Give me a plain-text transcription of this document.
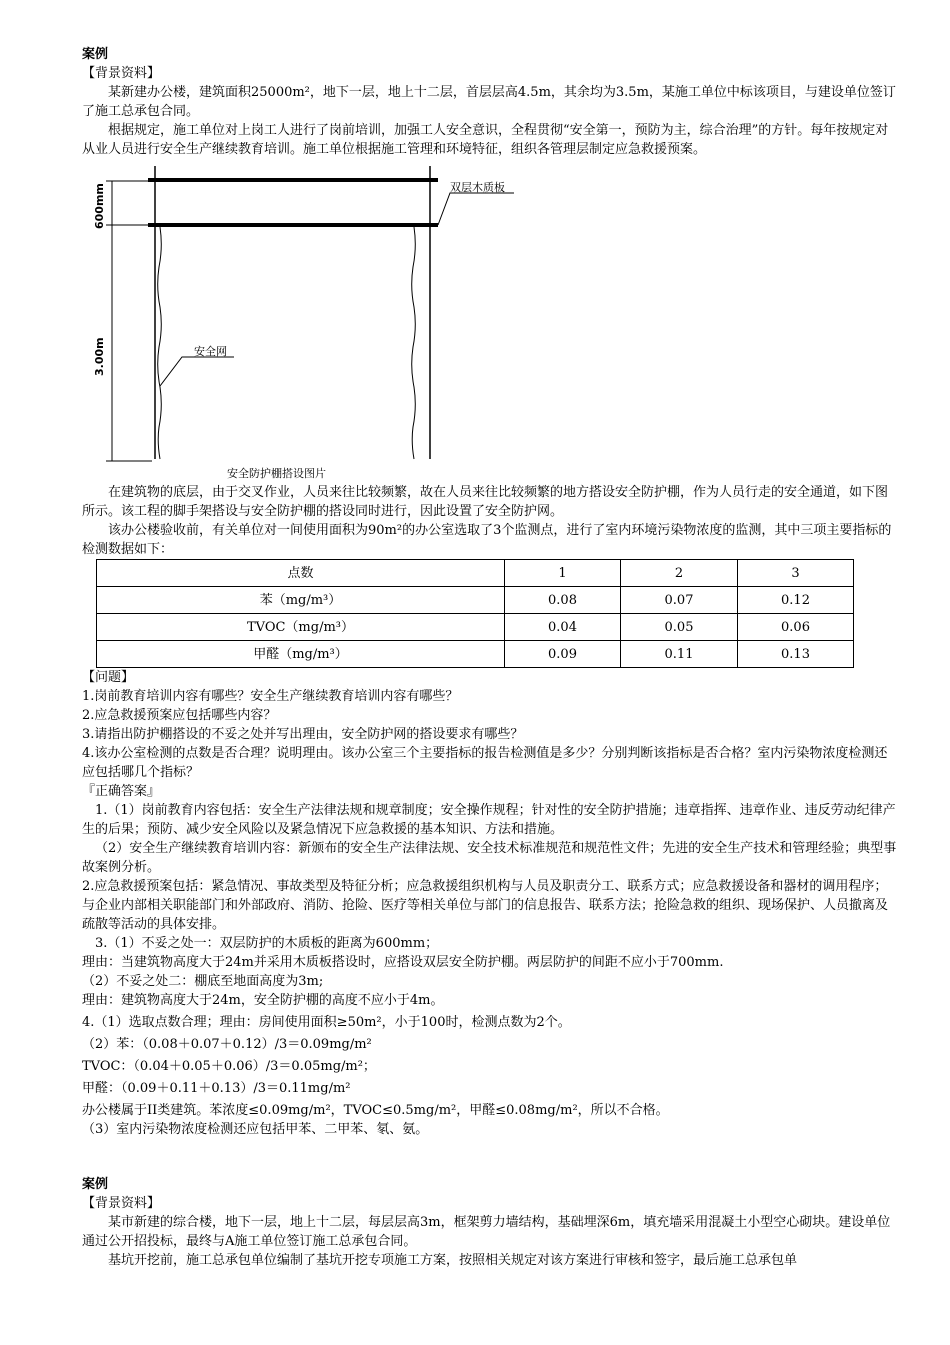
案例

【背景资料】

某新建办公楼，建筑面积25000m²，地下一层，地上十二层，首层层高4.5m，其余均为3.5m，某施工单位中标该项目，与建设单位签订了施工总承包合同。

根据规定，施工单位对上岗工人进行了岗前培训，加强工人安全意识，全程贯彻“安全第一，预防为主，综合治理”的方针。每年按规定对从业人员进行安全生产继续教育培训。施工单位根据施工管理和环境特征，组织各管理层制定应急救援预案。

双层木质板
安全网
600mm
3.00m
安全防护棚搭设图片

在建筑物的底层，由于交叉作业，人员来往比较频繁，故在人员来往比较频繁的地方搭设安全防护棚，作为人员行走的安全通道，如下图所示。该工程的脚手架搭设与安全防护棚的搭设同时进行，因此设置了安全防护网。

该办公楼验收前，有关单位对一间使用面积为90m²的办公室选取了3个监测点，进行了室内环境污染物浓度的监测，其中三项主要指标的检测数据如下：

点数	1	2	3
苯（mg/m³）	0.08	0.07	0.12
TVOC（mg/m³）	0.04	0.05	0.06
甲醛（mg/m³）	0.09	0.11	0.13

【问题】

1.岗前教育培训内容有哪些？安全生产继续教育培训内容有哪些？

2.应急救援预案应包括哪些内容？

3.请指出防护棚搭设的不妥之处并写出理由，安全防护网的搭设要求有哪些？

4.该办公室检测的点数是否合理？说明理由。该办公室三个主要指标的报告检测值是多少？分别判断该指标是否合格？室内污染物浓度检测还应包括哪几个指标？

『正确答案』

1.（1）岗前教育内容包括：安全生产法律法规和规章制度；安全操作规程；针对性的安全防护措施；违章指挥、违章作业、违反劳动纪律产生的后果；预防、减少安全风险以及紧急情况下应急救援的基本知识、方法和措施。

（2）安全生产继续教育培训内容：新颁布的安全生产法律法规、安全技术标准规范和规范性文件；先进的安全生产技术和管理经验；典型事故案例分析。

2.应急救援预案包括：紧急情况、事故类型及特征分析；应急救援组织机构与人员及职责分工、联系方式；应急救援设备和器材的调用程序；与企业内部相关职能部门和外部政府、消防、抢险、医疗等相关单位与部门的信息报告、联系方法；抢险急救的组织、现场保护、人员撤离及疏散等活动的具体安排。

3.（1）不妥之处一：双层防护的木质板的距离为600mm；

理由：当建筑物高度大于24m并采用木质板搭设时，应搭设双层安全防护棚。两层防护的间距不应小于700mm.

（2）不妥之处二：棚底至地面高度为3m;

理由：建筑物高度大于24m，安全防护棚的高度不应小于4m。

4.（1）选取点数合理；理由：房间使用面积≥50m²，小于100时，检测点数为2个。

（2）苯：（0.08＋0.07＋0.12）/3＝0.09mg/m²

TVOC：（0.04＋0.05＋0.06）/3＝0.05mg/m²；

甲醛：（0.09＋0.11＋0.13）/3＝0.11mg/m²

办公楼属于II类建筑。苯浓度≤0.09mg/m²，TVOC≤0.5mg/m²，甲醛≤0.08mg/m²，所以不合格。

（3）室内污染物浓度检测还应包括甲苯、二甲苯、氡、氨。

案例

【背景资料】

某市新建的综合楼，地下一层，地上十二层，每层层高3m，框架剪力墙结构，基础埋深6m，填充墙采用混凝土小型空心砌块。建设单位通过公开招投标，最终与A施工单位签订施工总承包合同。

基坑开挖前，施工总承包单位编制了基坑开挖专项施工方案，按照相关规定对该方案进行审核和签字，最后施工总承包单
